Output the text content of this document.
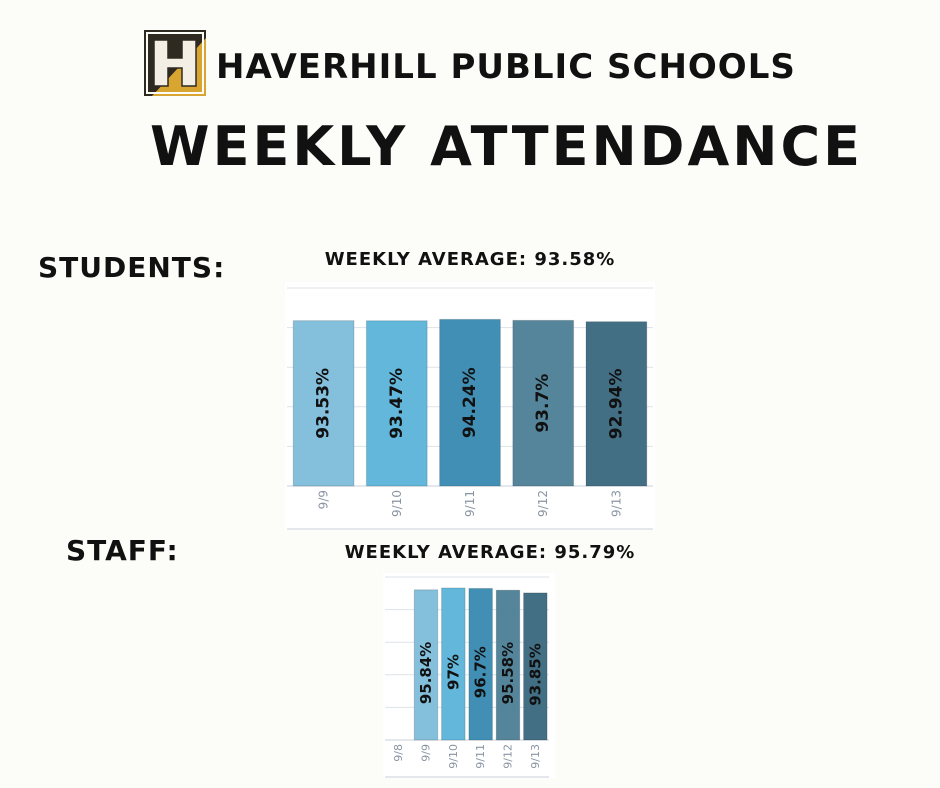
HAVERHILL PUBLIC SCHOOLS
WEEKLY ATTENDANCE
STUDENTS:	WEEKLY AVERAGE: 93.58%
93.53%
9/9
93.47%
9/10
94.24%
9/11
93.7%
9/12
92.94%
9/13
STAFF:	WEEKLY AVERAGE: 95.79%
9/8
95.84%
9/9
97%
9/10
96.7%
9/11
95.58%
9/12
93.85%
9/13
